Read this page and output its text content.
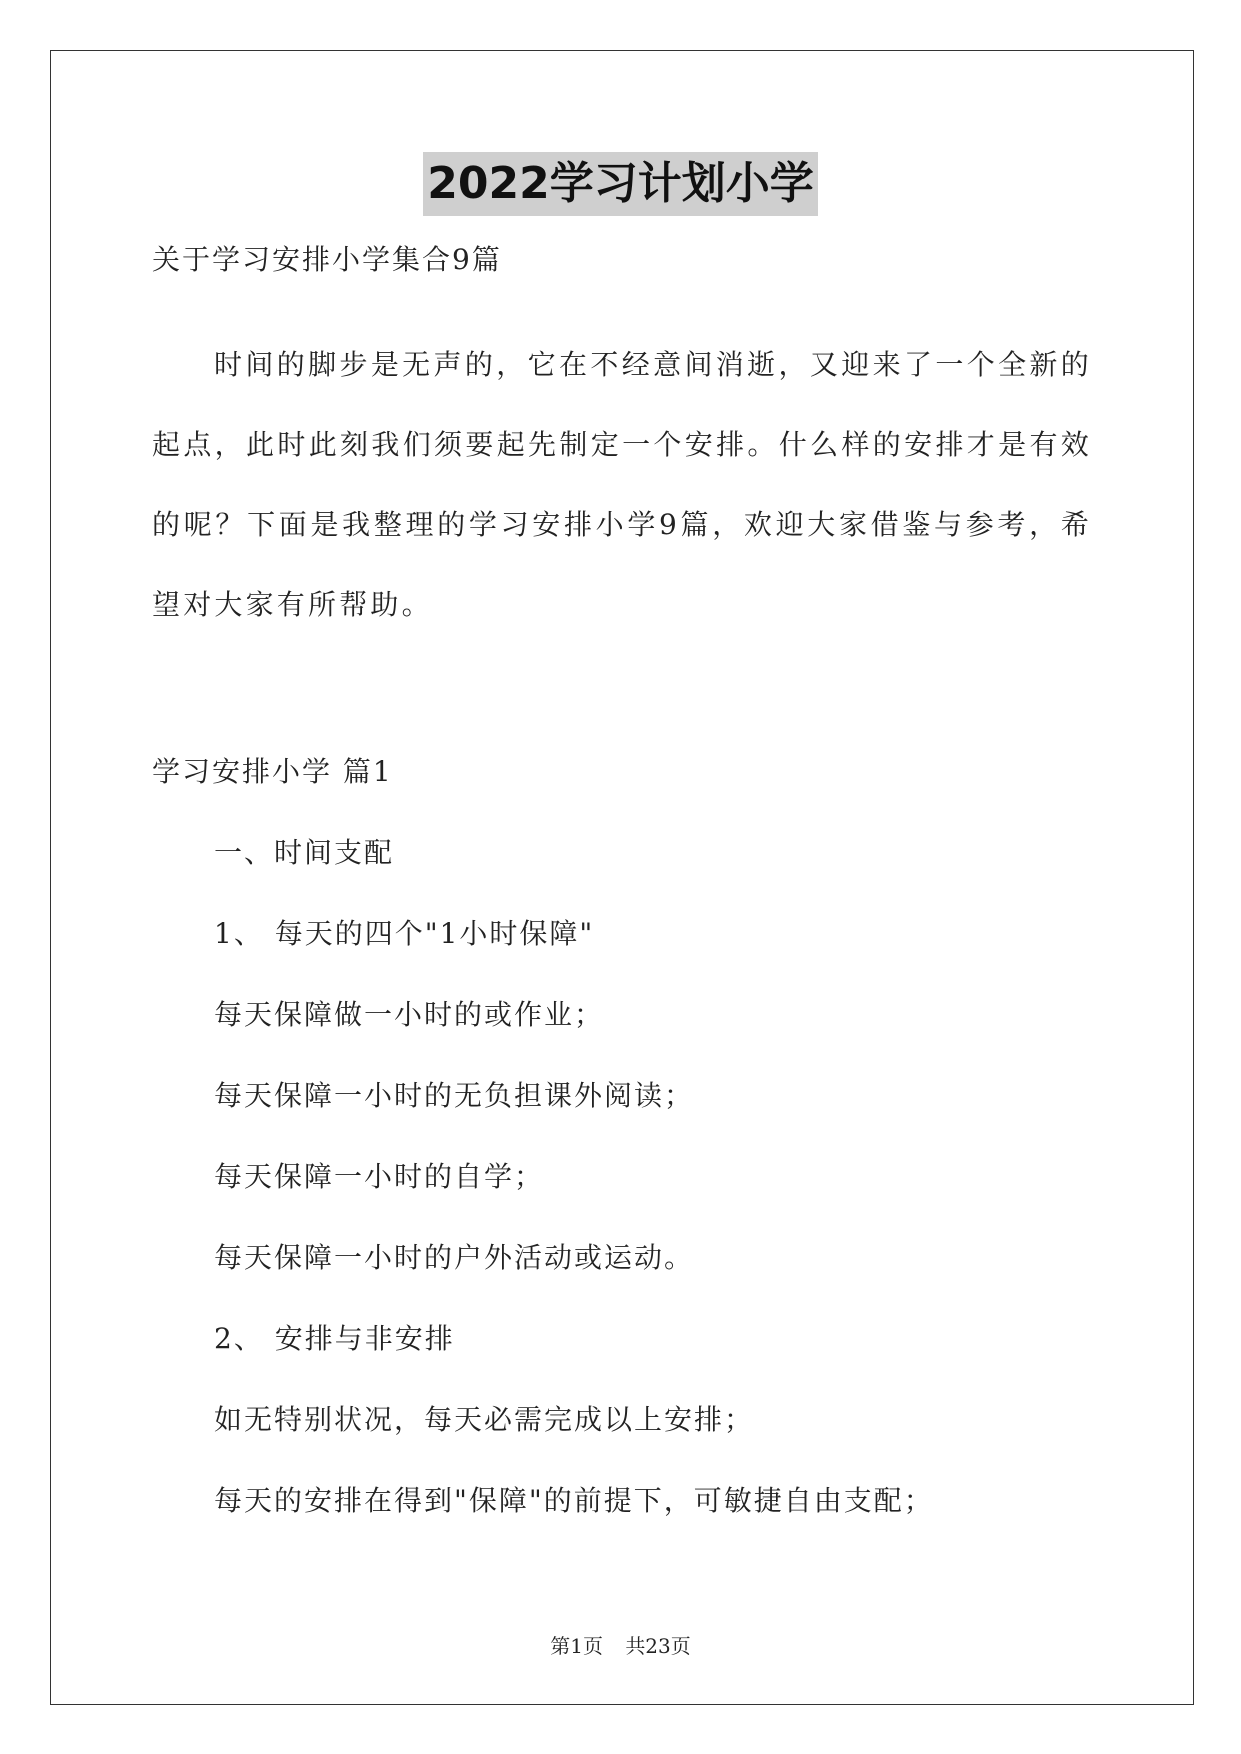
2022学习计划小学
关于学习安排小学集合9篇
时间的脚步是无声的，它在不经意间消逝，又迎来了一个全新的起点，此时此刻我们须要起先制定一个安排。什么样的安排才是有效的呢？下面是我整理的学习安排小学9篇，欢迎大家借鉴与参考，希望对大家有所帮助。
学习安排小学 篇1
一、时间支配
1、 每天的四个"1小时保障"
每天保障做一小时的或作业；
每天保障一小时的无负担课外阅读；
每天保障一小时的自学；
每天保障一小时的户外活动或运动。
2、 安排与非安排
如无特别状况，每天必需完成以上安排；
每天的安排在得到"保障"的前提下，可敏捷自由支配；
第1页 共23页
